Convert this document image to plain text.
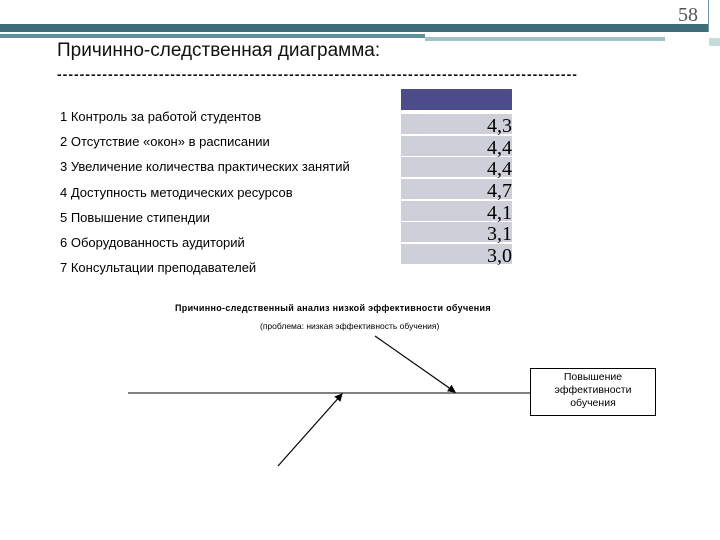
58
Причинно-следственная диаграмма:
--------------------------------------------------------------------------------------------
1 Контроль за работой студентов
2 Отсутствие «окон» в расписании
3 Увеличение количества практических занятий
4 Доступность методических ресурсов
5 Повышение стипендии
6 Оборудованность аудиторий
7 Консультации преподавателей
4,3
4,4
4,4
4,7
4,1
3,1
3,0
Причинно-следственный анализ низкой эффективности обучения
(проблема: низкая эффективность обучения)
Повышение эффективности обучения
